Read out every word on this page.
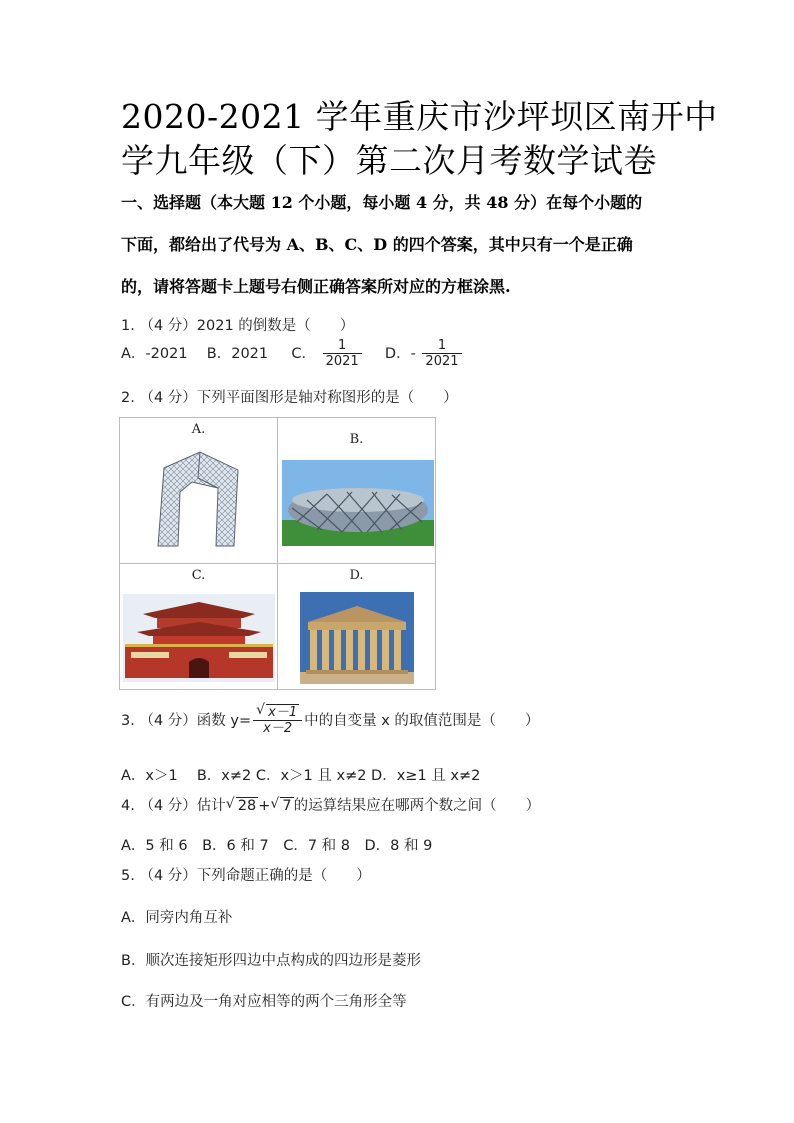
2020-2021 学年重庆市沙坪坝区南开中
学九年级（下）第二次月考数学试卷
一、选择题（本大题 12 个小题，每小题 4 分，共 48 分）在每个小题的
下面，都给出了代号为 A、B、C、D 的四个答案，其中只有一个是正确
的，请将答题卡上题号右侧正确答案所对应的方框涂黑.
1. （4 分）2021 的倒数是（　　）
A．-2021 B．2021 C． $\frac{1}{2021}$ D．- $\frac{1}{2021}$
2. （4 分）下列平面图形是轴对称图形的是（　　）
A.	B.

C.	D.
3. （4 分）函数 $y= \frac{√ x-1}{x-2}$ 中的自变量 x 的取值范围是（　　）
A．x＞1　 B．x≠2 C．x＞1 且 x≠2 D．x≥1 且 x≠2
4. （4 分）估计 √ 28 + √ 7 的运算结果应在哪两个数之间（　　）
A．5 和 6　B．6 和 7　C．7 和 8　D．8 和 9
5. （4 分）下列命题正确的是（　　）
A．同旁内角互补
B．顺次连接矩形四边中点构成的四边形是菱形
C．有两边及一角对应相等的两个三角形全等
